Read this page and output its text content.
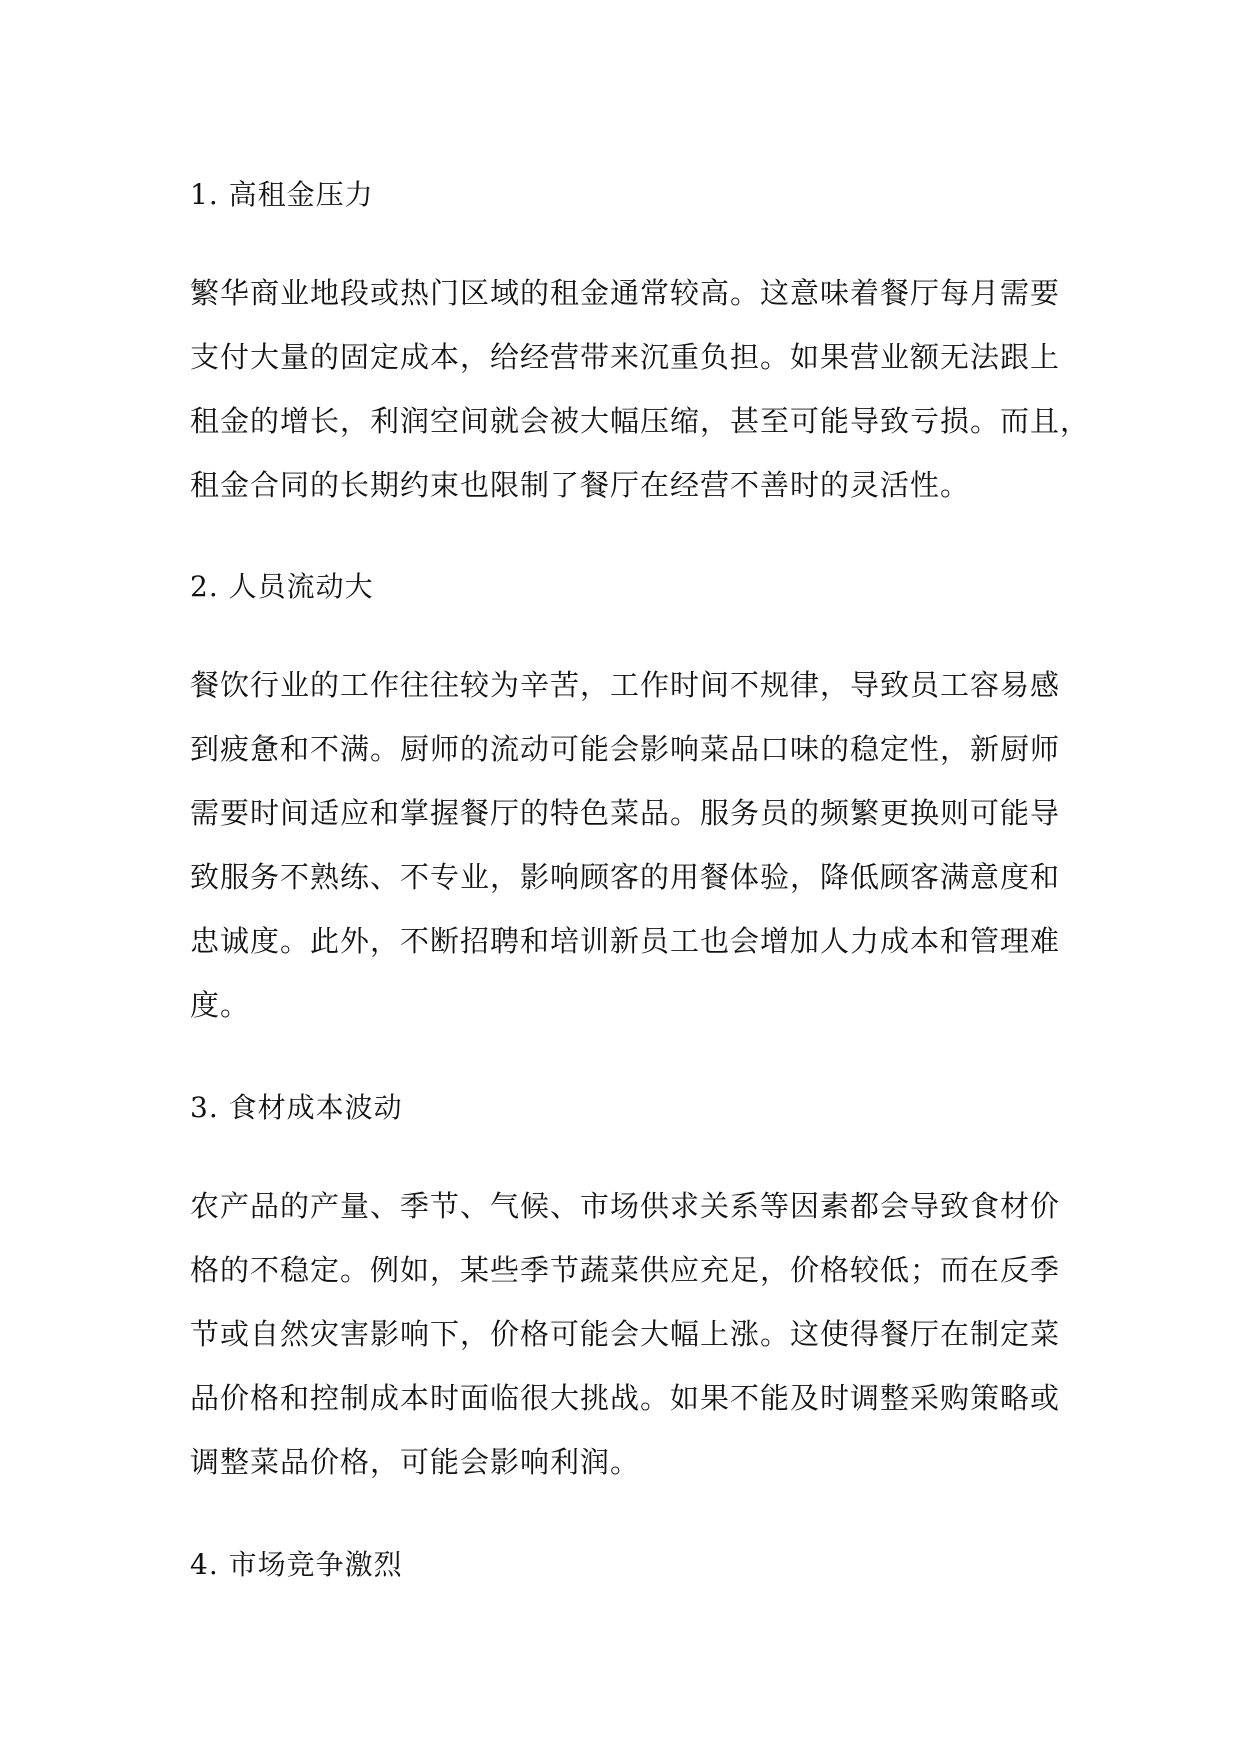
1. 高租金压力
繁华商业地段或热门区域的租金通常较高。这意味着餐厅每月需要
支付大量的固定成本，给经营带来沉重负担。如果营业额无法跟上
租金的增长，利润空间就会被大幅压缩，甚至可能导致亏损。而且，
租金合同的长期约束也限制了餐厅在经营不善时的灵活性。
2. 人员流动大
餐饮行业的工作往往较为辛苦，工作时间不规律，导致员工容易感
到疲惫和不满。厨师的流动可能会影响菜品口味的稳定性，新厨师
需要时间适应和掌握餐厅的特色菜品。服务员的频繁更换则可能导
致服务不熟练、不专业，影响顾客的用餐体验，降低顾客满意度和
忠诚度。此外，不断招聘和培训新员工也会增加人力成本和管理难
度。
3. 食材成本波动
农产品的产量、季节、气候、市场供求关系等因素都会导致食材价
格的不稳定。例如，某些季节蔬菜供应充足，价格较低；而在反季
节或自然灾害影响下，价格可能会大幅上涨。这使得餐厅在制定菜
品价格和控制成本时面临很大挑战。如果不能及时调整采购策略或
调整菜品价格，可能会影响利润。
4. 市场竞争激烈
